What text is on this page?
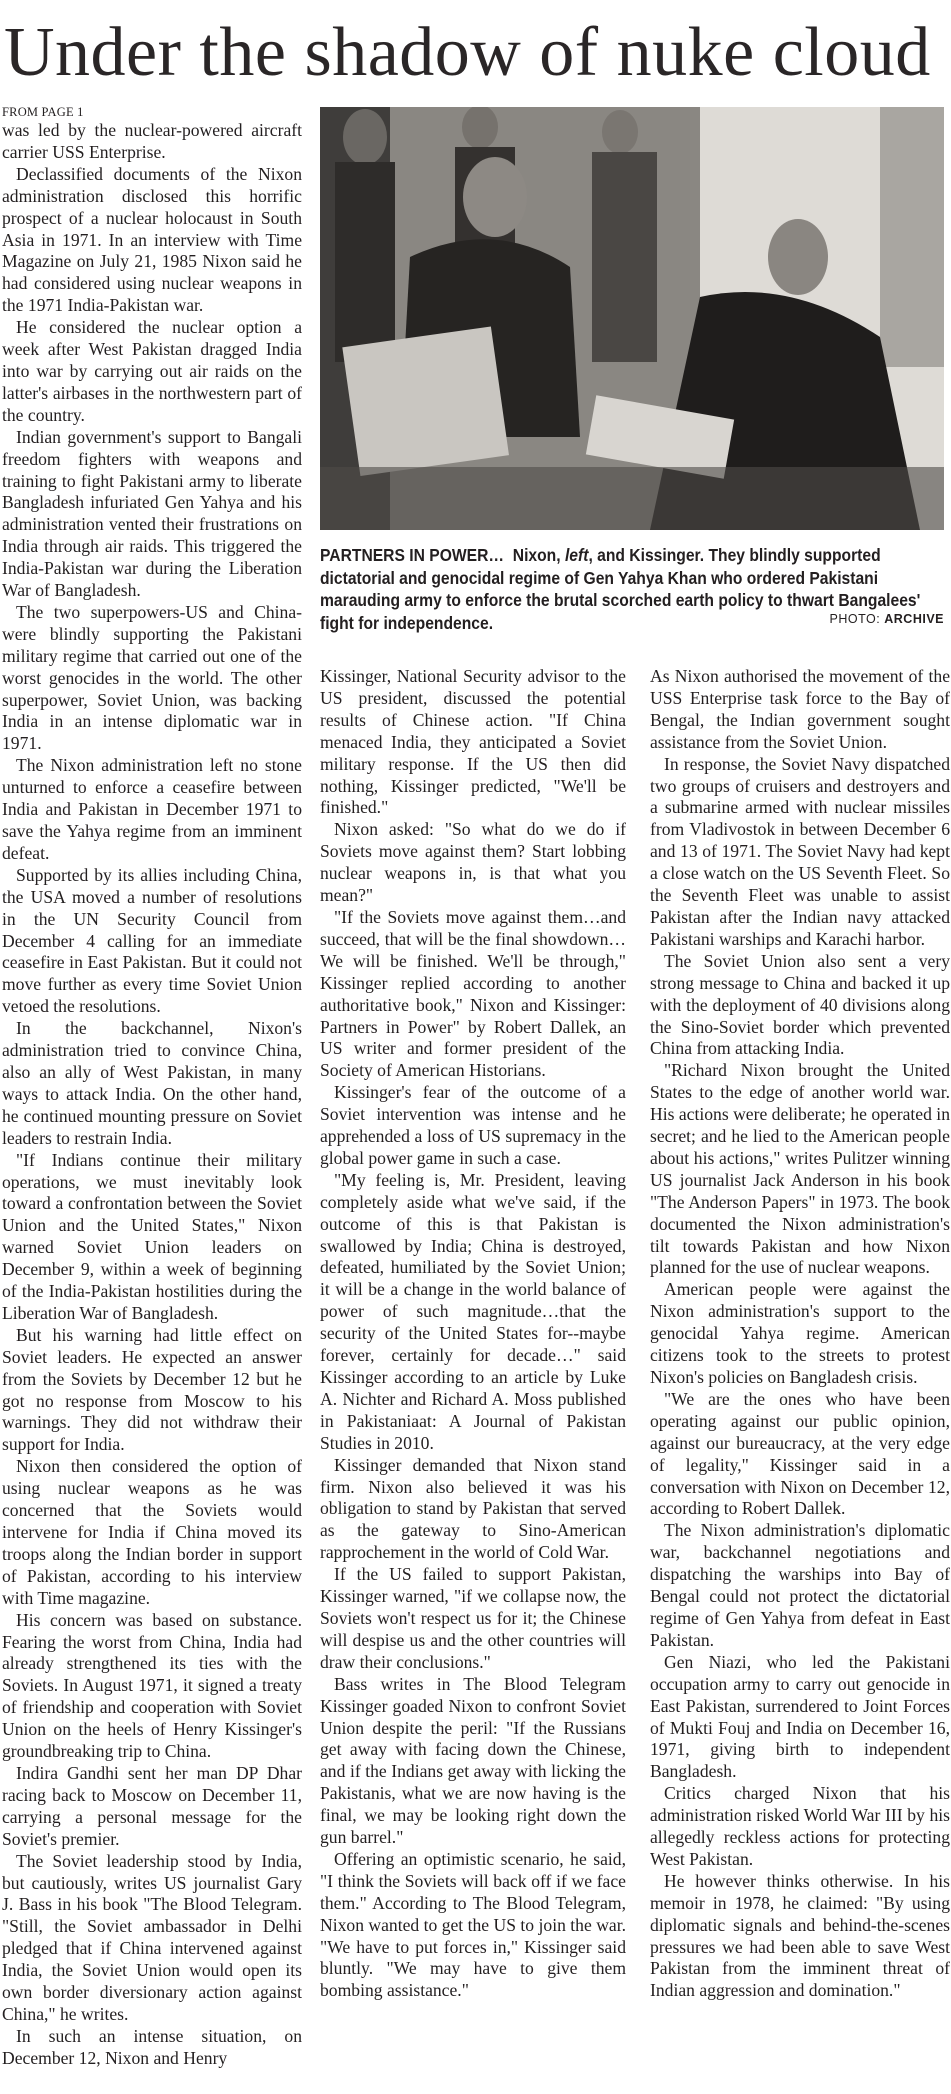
Under the shadow of nuke cloud
PARTNERS IN POWER… Nixon, left, and Kissinger. They blindly supported dictatorial and genocidal regime of Gen Yahya Khan who ordered Pakistani marauding army to enforce the brutal scorched earth policy to thwart Bangalees' fight for independence.	PHOTO: ARCHIVE
FROM PAGE 1

was led by the nuclear-powered aircraft carrier USS Enterprise.

Declassified documents of the Nixon administration disclosed this horrific prospect of a nuclear holocaust in South Asia in 1971. In an interview with Time Magazine on July 21, 1985 Nixon said he had considered using nuclear weapons in the 1971 India-Pakistan war.

He considered the nuclear option a week after West Pakistan dragged India into war by carrying out air raids on the latter's airbases in the northwestern part of the country.

Indian government's support to Bangali freedom fighters with weapons and training to fight Pakistani army to liberate Bangladesh infuriated Gen Yahya and his administration vented their frustrations on India through air raids. This triggered the India-Pakistan war during the Liberation War of Bangladesh.

The two superpowers-US and China-were blindly supporting the Pakistani military regime that carried out one of the worst genocides in the world. The other superpower, Soviet Union, was backing India in an intense diplomatic war in 1971.

The Nixon administration left no stone unturned to enforce a ceasefire between India and Pakistan in December 1971 to save the Yahya regime from an imminent defeat.

Supported by its allies including China, the USA moved a number of resolutions in the UN Security Council from December 4 calling for an immediate ceasefire in East Pakistan. But it could not move further as every time Soviet Union vetoed the resolutions.

In the backchannel, Nixon's administration tried to convince China, also an ally of West Pakistan, in many ways to attack India. On the other hand, he continued mounting pressure on Soviet leaders to restrain India.

"If Indians continue their military operations, we must inevitably look toward a confrontation between the Soviet Union and the United States," Nixon warned Soviet Union leaders on December 9, within a week of beginning of the India-Pakistan hostilities during the Liberation War of Bangladesh.

But his warning had little effect on Soviet leaders. He expected an answer from the Soviets by December 12 but he got no response from Moscow to his warnings. They did not withdraw their support for India.

Nixon then considered the option of using nuclear weapons as he was concerned that the Soviets would intervene for India if China moved its troops along the Indian border in support of Pakistan, according to his interview with Time magazine.

His concern was based on substance. Fearing the worst from China, India had already strengthened its ties with the Soviets. In August 1971, it signed a treaty of friendship and cooperation with Soviet Union on the heels of Henry Kissinger's groundbreaking trip to China.

Indira Gandhi sent her man DP Dhar racing back to Moscow on December 11, carrying a personal message for the Soviet's premier.

The Soviet leadership stood by India, but cautiously, writes US journalist Gary J. Bass in his book "The Blood Telegram. "Still, the Soviet ambassador in Delhi pledged that if China intervened against India, the Soviet Union would open its own border diversionary action against China," he writes.

In such an intense situation, on December 12, Nixon and Henry

Kissinger, National Security advisor to the US president, discussed the potential results of Chinese action. "If China menaced India, they anticipated a Soviet military response. If the US then did nothing, Kissinger predicted, "We'll be finished."

Nixon asked: "So what do we do if Soviets move against them? Start lobbing nuclear weapons in, is that what you mean?"

"If the Soviets move against them…and succeed, that will be the final showdown…We will be finished. We'll be through," Kissinger replied according to another authoritative book," Nixon and Kissinger: Partners in Power" by Robert Dallek, an US writer and former president of the Society of American Historians.

Kissinger's fear of the outcome of a Soviet intervention was intense and he apprehended a loss of US supremacy in the global power game in such a case.

"My feeling is, Mr. President, leaving completely aside what we've said, if the outcome of this is that Pakistan is swallowed by India; China is destroyed, defeated, humiliated by the Soviet Union; it will be a change in the world balance of power of such magnitude…that the security of the United States for--maybe forever, certainly for decade…" said Kissinger according to an article by Luke A. Nichter and Richard A. Moss published in Pakistaniaat: A Journal of Pakistan Studies in 2010.

Kissinger demanded that Nixon stand firm. Nixon also believed it was his obligation to stand by Pakistan that served as the gateway to Sino-American rapprochement in the world of Cold War.

If the US failed to support Pakistan, Kissinger warned, "if we collapse now, the Soviets won't respect us for it; the Chinese will despise us and the other countries will draw their conclusions."

Bass writes in The Blood Telegram Kissinger goaded Nixon to confront Soviet Union despite the peril: "If the Russians get away with facing down the Chinese, and if the Indians get away with licking the Pakistanis, what we are now having is the final, we may be looking right down the gun barrel."

Offering an optimistic scenario, he said, "I think the Soviets will back off if we face them." According to The Blood Telegram, Nixon wanted to get the US to join the war. "We have to put forces in," Kissinger said bluntly. "We may have to give them bombing assistance."

As Nixon authorised the movement of the USS Enterprise task force to the Bay of Bengal, the Indian government sought assistance from the Soviet Union.

In response, the Soviet Navy dispatched two groups of cruisers and destroyers and a submarine armed with nuclear missiles from Vladivostok in between December 6 and 13 of 1971. The Soviet Navy had kept a close watch on the US Seventh Fleet. So the Seventh Fleet was unable to assist Pakistan after the Indian navy attacked Pakistani warships and Karachi harbor.

The Soviet Union also sent a very strong message to China and backed it up with the deployment of 40 divisions along the Sino-Soviet border which prevented China from attacking India.

"Richard Nixon brought the United States to the edge of another world war. His actions were deliberate; he operated in secret; and he lied to the American people about his actions," writes Pulitzer winning US journalist Jack Anderson in his book "The Anderson Papers" in 1973. The book documented the Nixon administration's tilt towards Pakistan and how Nixon planned for the use of nuclear weapons.

American people were against the Nixon administration's support to the genocidal Yahya regime. American citizens took to the streets to protest Nixon's policies on Bangladesh crisis.

"We are the ones who have been operating against our public opinion, against our bureaucracy, at the very edge of legality," Kissinger said in a conversation with Nixon on December 12, according to Robert Dallek.

The Nixon administration's diplomatic war, backchannel negotiations and dispatching the warships into Bay of Bengal could not protect the dictatorial regime of Gen Yahya from defeat in East Pakistan.

Gen Niazi, who led the Pakistani occupation army to carry out genocide in East Pakistan, surrendered to Joint Forces of Mukti Fouj and India on December 16, 1971, giving birth to independent Bangladesh.

Critics charged Nixon that his administration risked World War III by his allegedly reckless actions for protecting West Pakistan.

He however thinks otherwise. In his memoir in 1978, he claimed: "By using diplomatic signals and behind-the-scenes pressures we had been able to save West Pakistan from the imminent threat of Indian aggression and domination."
